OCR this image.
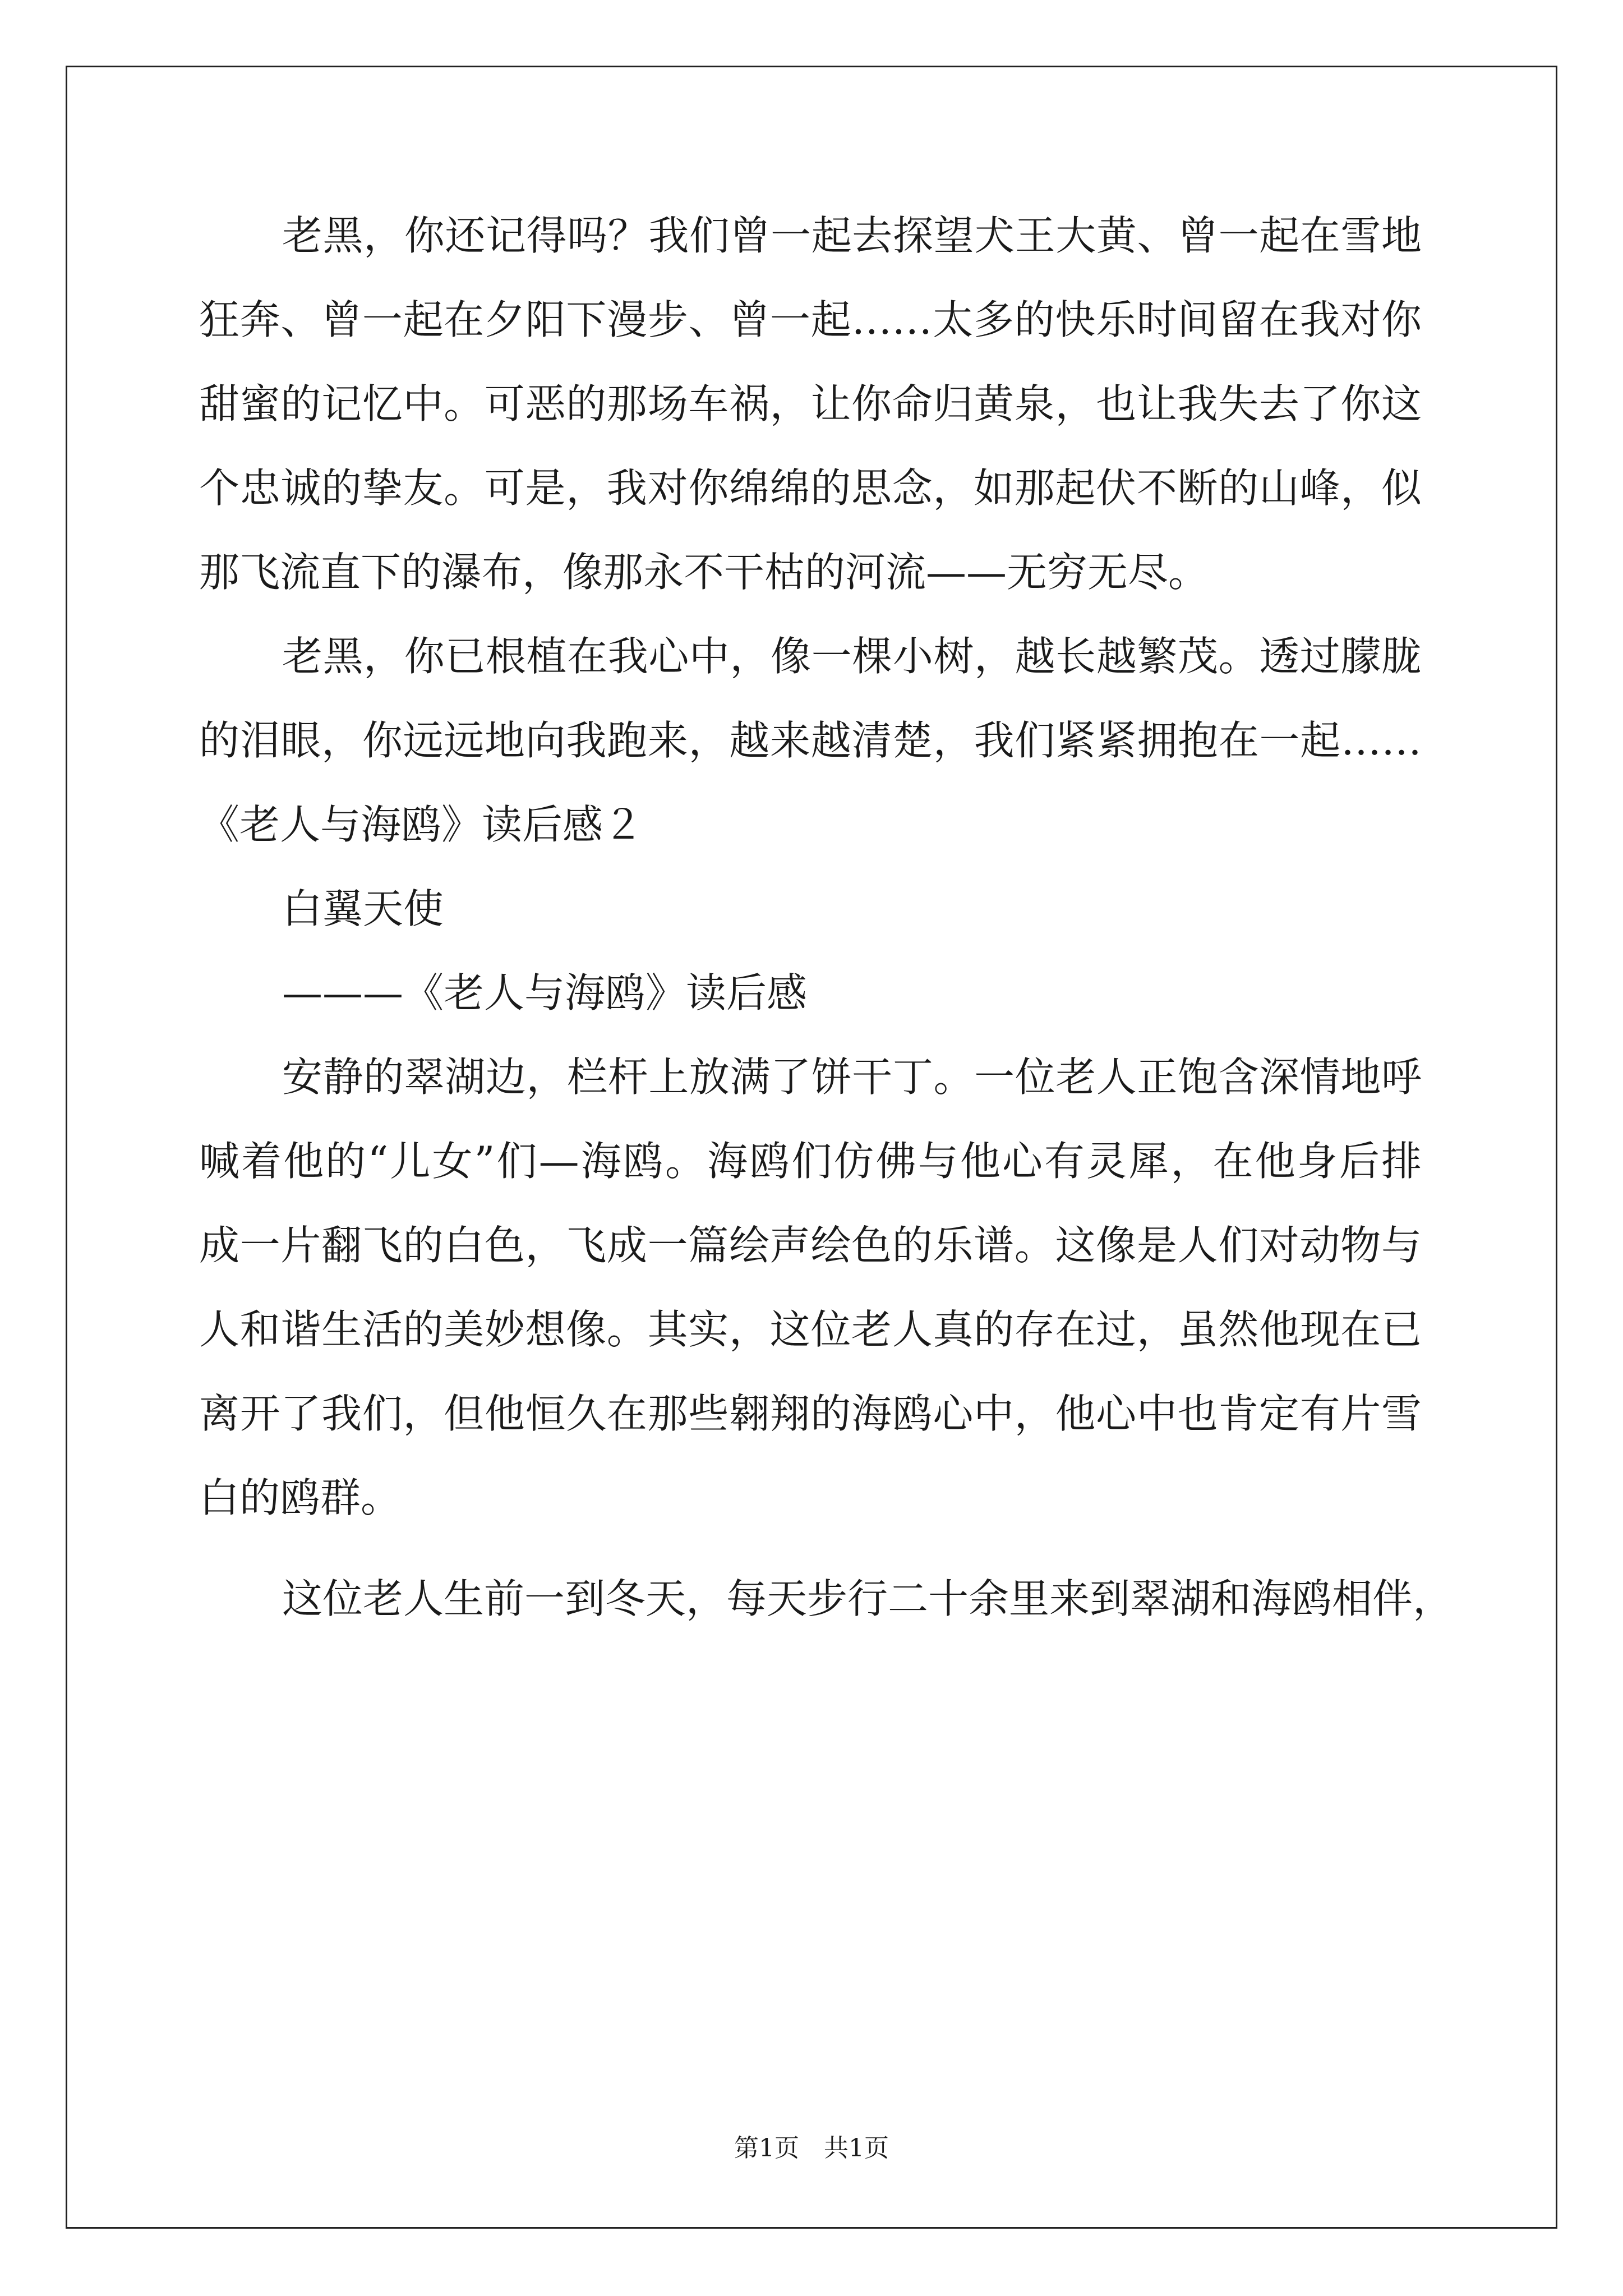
老黑，你还记得吗？我们曾一起去探望犬王大黄、曾一起在雪地
狂奔、曾一起在夕阳下漫步、曾一起……太多的快乐时间留在我对你
甜蜜的记忆中。可恶的那场车祸，让你命归黄泉，也让我失去了你这
个忠诚的挚友。可是，我对你绵绵的思念，如那起伏不断的山峰，似
那飞流直下的瀑布，像那永不干枯的河流——无穷无尽。
老黑，你已根植在我心中，像一棵小树，越长越繁茂。透过朦胧
的泪眼，你远远地向我跑来，越来越清楚，我们紧紧拥抱在一起……
《老人与海鸥》读后感２
白翼天使
———《老人与海鸥》读后感
安静的翠湖边，栏杆上放满了饼干丁。一位老人正饱含深情地呼
喊着他的“儿女”们—海鸥。海鸥们仿佛与他心有灵犀，在他身后排
成一片翻飞的白色，飞成一篇绘声绘色的乐谱。这像是人们对动物与
人和谐生活的美妙想像。其实，这位老人真的存在过，虽然他现在已
离开了我们，但他恒久在那些翱翔的海鸥心中，他心中也肯定有片雪
白的鸥群。
这位老人生前一到冬天，每天步行二十余里来到翠湖和海鸥相伴，
第1页　共1页
